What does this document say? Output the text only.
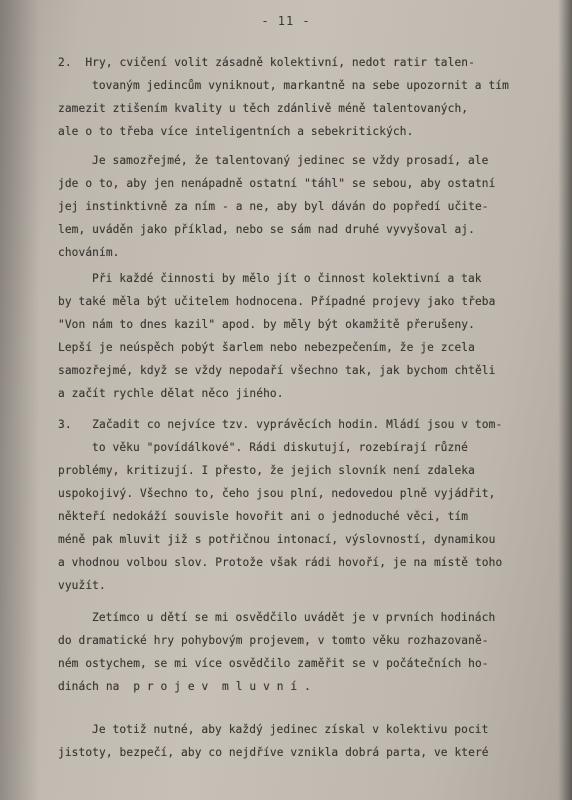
- 11 -
2.  Hry, cvičení volit zásadně kolektivní, nedot ratir talen-
tovaným jedincům vyniknout, markantně na sebe upozornit a tím
zamezit ztišením kvality u těch zdánlivě méně talentovaných,
ale o to třeba více inteligentních a sebekritických.
Je samozřejmé, že talentovaný jedinec se vždy prosadí, ale
jde o to, aby jen nenápadně ostatní "táhl" se sebou, aby ostatní
jej instinktivně za ním - a ne, aby byl dáván do popředí učite-
lem, uváděn jako příklad, nebo se sám nad druhé vyvyšoval aj.
chováním.
Při každé činnosti by mělo jít o činnost kolektivní a tak
by také měla být učitelem hodnocena. Případné projevy jako třeba
"Von nám to dnes kazil" apod. by měly být okamžitě přerušeny.
Lepší je neúspěch pobýt šarlem nebo nebezpečením, že je zcela
samozřejmé, když se vždy nepodaří všechno tak, jak bychom chtěli
a začít rychle dělat něco jiného.
3.   Začadit co nejvíce tzv. vyprávěcích hodin. Mládí jsou v tom-
to věku "povídálkové". Rádi diskutují, rozebírají různé
problémy, kritizují. I přesto, že jejich slovník není zdaleka
uspokojivý. Všechno to, čeho jsou plní, nedovedou plně vyjádřit,
někteří nedokáží souvisle hovořit ani o jednoduché věci, tím
méně pak mluvit již s potřičnou intonací, výslovností, dynamikou
a vhodnou volbou slov. Protože však rádi hovoří, je na místě toho
využít.
Zetímco u dětí se mi osvědčilo uvádět je v prvních hodinách
do dramatické hry pohybovým projevem, v tomto věku rozhazovaně-
ném ostychem, se mi více osvědčilo zaměřit se v počátečních ho-
dinách na  p r o j e v  m l u v n í .
Je totiž nutné, aby každý jedinec získal v kolektivu pocit
jistoty, bezpečí, aby co nejdříve vznikla dobrá parta, ve které
